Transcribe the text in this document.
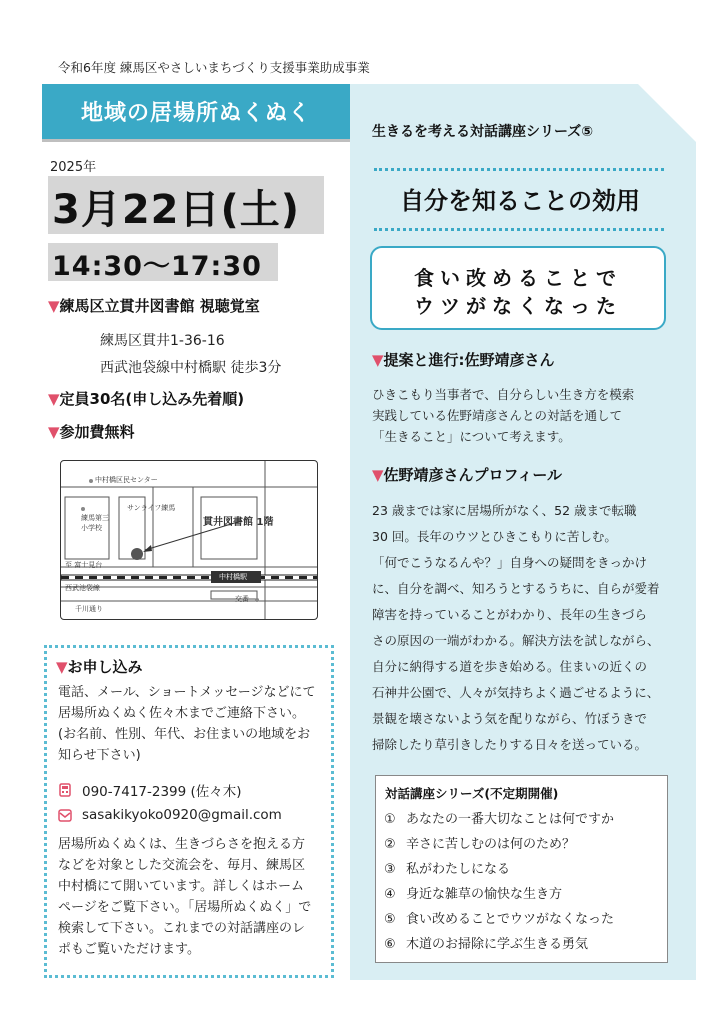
令和6年度 練馬区やさしいまちづくり支援事業助成事業
地域の居場所ぬくぬく
2025年
3月22日(土)
14:30～17:30
▼練馬区立貫井図書館 視聴覚室
練馬区貫井1-36-16
西武池袋線中村橋駅 徒歩3分
▼定員30名(申し込み先着順)
▼参加費無料
中村橋区民センター
練馬第三
小学校
サンライフ練馬
貫井図書館 1階
至 富士見台
西武池袋線
中村橋駅
交番
千川通り
▼お申し込み
電話、メール、ショートメッセージなどにて
居場所ぬくぬく佐々木までご連絡下さい。
(お名前、性別、年代、お住まいの地域をお
知らせ下さい)
090-7417-2399 (佐々木)
sasakikyoko0920@gmail.com
居場所ぬくぬくは、生きづらさを抱える方
などを対象とした交流会を、毎月、練馬区
中村橋にて開いています。詳しくはホーム
ページをご覧下さい。「居場所ぬくぬく」で
検索して下さい。これまでの対話講座のレ
ポもご覧いただけます。
生きるを考える対話講座シリーズ⑤
自分を知ることの効用
食い改めることで
ウツがなくなった
▼提案と進行:佐野靖彦さん
ひきこもり当事者で、自分らしい生き方を模索
実践している佐野靖彦さんとの対話を通して
「生きること」について考えます。
▼佐野靖彦さんプロフィール
23 歳までは家に居場所がなく、52 歳まで転職
30 回。長年のウツとひきこもりに苦しむ。
「何でこうなるんや？」自身への疑問をきっかけ
に、自分を調べ、知ろうとするうちに、自らが愛着
障害を持っていることがわかり、長年の生きづら
さの原因の一端がわかる。解決方法を試しながら、
自分に納得する道を歩き始める。住まいの近くの
石神井公園で、人々が気持ちよく過ごせるように、
景観を壊さないよう気を配りながら、竹ぼうきで
掃除したり草引きしたりする日々を送っている。
対話講座シリーズ(不定期開催)
① あなたの一番大切なことは何ですか
② 辛さに苦しむのは何のため？
③ 私がわたしになる
④ 身近な雑草の愉快な生き方
⑤ 食い改めることでウツがなくなった
⑥ 木道のお掃除に学ぶ生きる勇気
